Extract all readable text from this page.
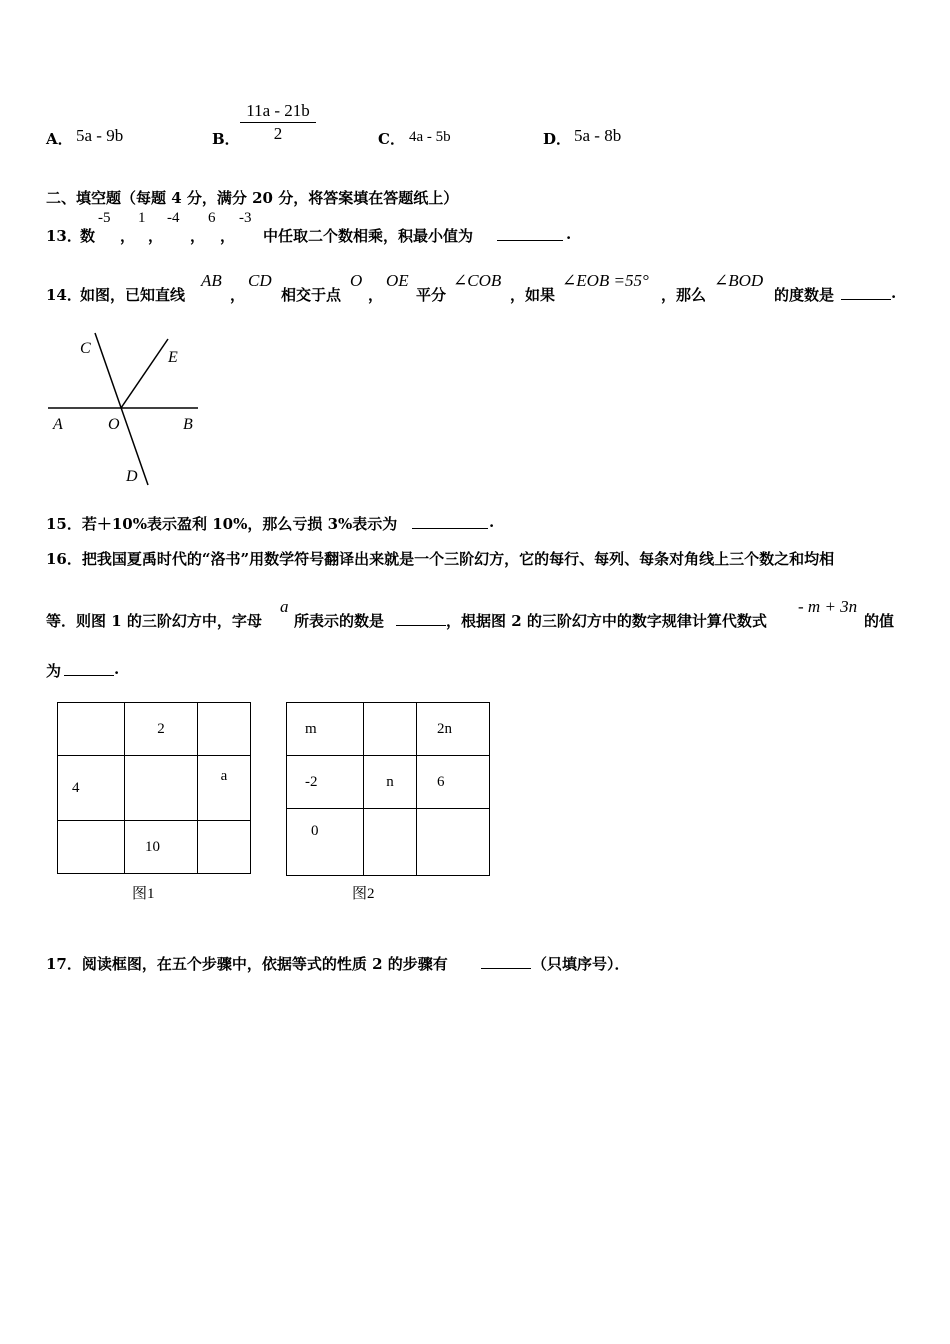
A． 5a - 9b	B．
11a - 21b
2	C． 4a - 5b	D． 5a - 8b
二、填空题（每题 4 分，满分 20 分，将答案填在答题纸上）
13．
数
-5
，
1
，
-4
，
6
，
-3
中任取二个数相乘，积最小值为	.
14．
如图，已知直线
AB
，
CD
相交于点
O
，
OE
平分
∠COB
，如果
∠EOB =55°
，那么
∠BOD
的度数是	.
C
E
A	O	B
D
15．若＋10%表示盈利 10%，那么亏损 3%表示为	.
16．把我国夏禹时代的“洛书”用数学符号翻译出来就是一个三阶幻方，它的每行、每列、每条对角线上三个数之和均相
等．则图 1 的三阶幻方中，字母
a
所表示的数是	，根据图 2 的三阶幻方中的数字规律计算代数式
- m + 3n
的值
为	.
	2	
4		a
	10	
图1
m		2n
-2	n	6
0		
图2
17．阅读框图，在五个步骤中，依据等式的性质 2 的步骤有	（只填序号）．
